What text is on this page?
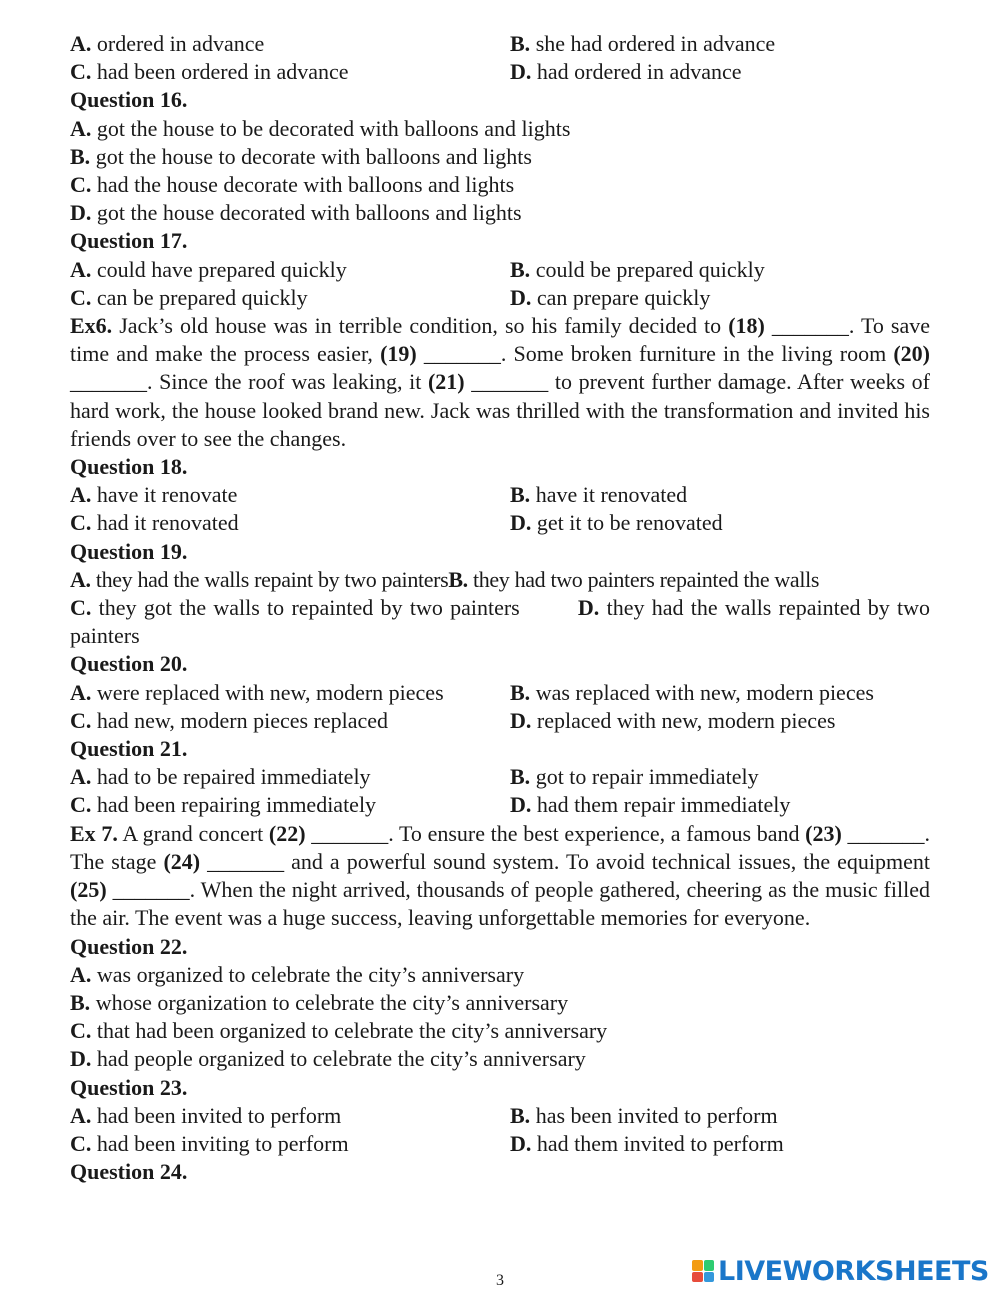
A. ordered in advance	B. she had ordered in advance
C. had been ordered in advance	D. had ordered in advance
Question 16.
A. got the house to be decorated with balloons and lights
B. got the house to decorate with balloons and lights
C. had the house decorate with balloons and lights
D. got the house decorated with balloons and lights
Question 17.
A. could have prepared quickly	B. could be prepared quickly
C. can be prepared quickly	D. can prepare quickly
Ex6. Jack’s old house was in terrible condition, so his family decided to (18) _______. To save time and make the process easier, (19) _______. Some broken furniture in the living room (20) _______. Since the roof was leaking, it (21) _______ to prevent further damage. After weeks of hard work, the house looked brand new. Jack was thrilled with the transformation and invited his friends over to see the changes.
Question 18.
A. have it renovate	B. have it renovated
C. had it renovated	D. get it to be renovated
Question 19.
A. they had the walls repaint by two paintersB. they had two painters repainted the walls
C. they got the walls to repainted by two painters	D. they had the walls repainted by two painters
Question 20.
A. were replaced with new, modern pieces	B. was replaced with new, modern pieces
C. had new, modern pieces replaced	D. replaced with new, modern pieces
Question 21.
A. had to be repaired immediately	B. got to repair immediately
C. had been repairing immediately	D. had them repair immediately
Ex 7. A grand concert (22) _______. To ensure the best experience, a famous band (23) _______. The stage (24) _______ and a powerful sound system. To avoid technical issues, the equipment (25) _______. When the night arrived, thousands of people gathered, cheering as the music filled the air. The event was a huge success, leaving unforgettable memories for everyone.
Question 22.
A. was organized to celebrate the city’s anniversary
B. whose organization to celebrate the city’s anniversary
C. that had been organized to celebrate the city’s anniversary
D. had people organized to celebrate the city’s anniversary
Question 23.
A. had been invited to perform	B. has been invited to perform
C. had been inviting to perform	D. had them invited to perform
Question 24.
LIVEWORKSHEETS
3
